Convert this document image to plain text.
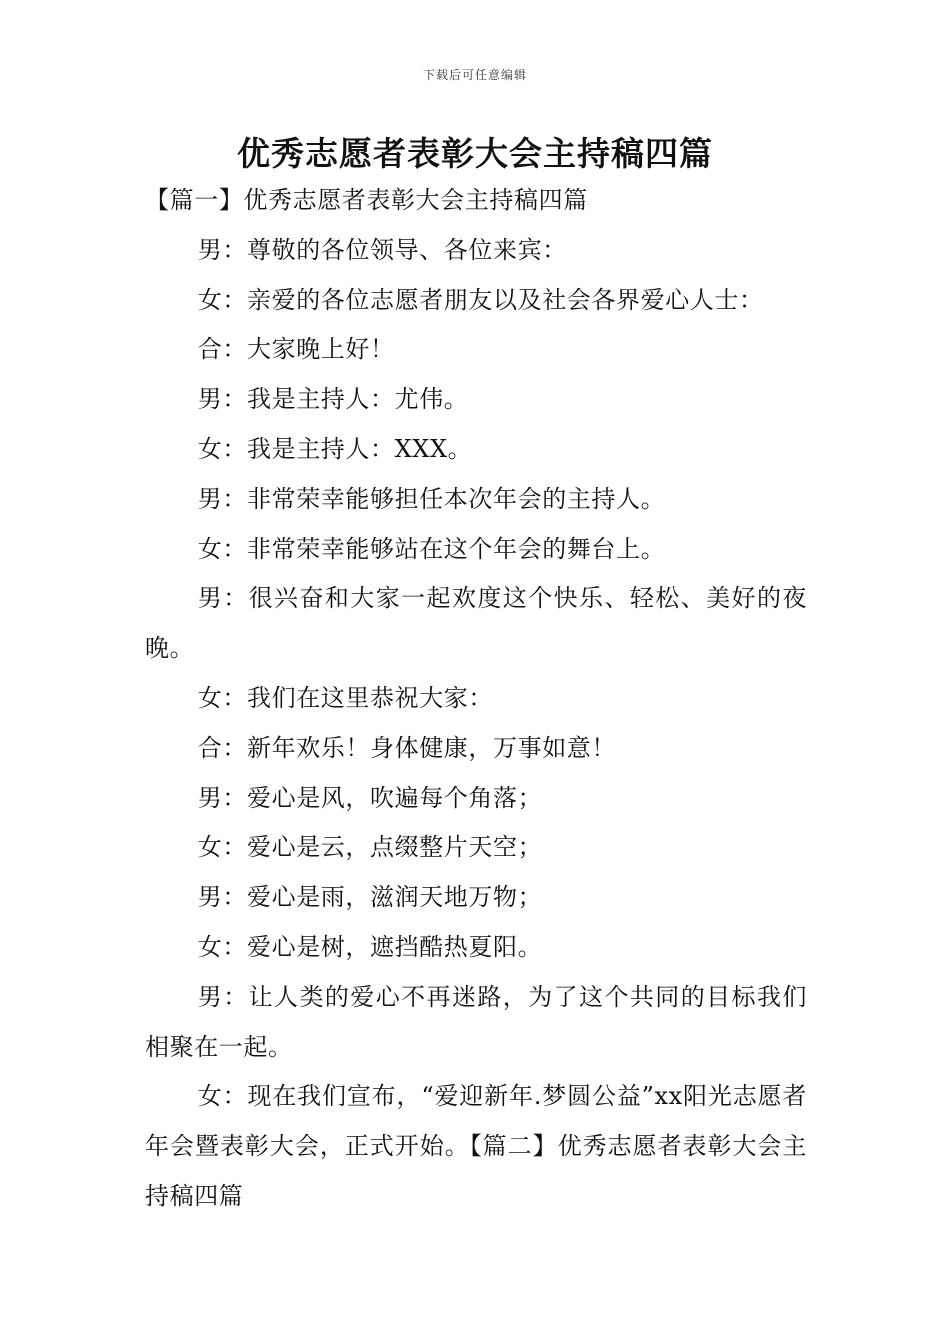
下载后可任意编辑
优秀志愿者表彰大会主持稿四篇

【篇一】优秀志愿者表彰大会主持稿四篇

男：尊敬的各位领导、各位来宾：

女：亲爱的各位志愿者朋友以及社会各界爱心人士：

合：大家晚上好！

男：我是主持人：尤伟。

女：我是主持人：XXX。

男：非常荣幸能够担任本次年会的主持人。

女：非常荣幸能够站在这个年会的舞台上。

男：很兴奋和大家一起欢度这个快乐、轻松、美好的夜晚。

女：我们在这里恭祝大家：

合：新年欢乐！身体健康，万事如意！

男：爱心是风，吹遍每个角落；

女：爱心是云，点缀整片天空；

男：爱心是雨，滋润天地万物；

女：爱心是树，遮挡酷热夏阳。

男：让人类的爱心不再迷路，为了这个共同的目标我们相聚在一起。

女：现在我们宣布，“爱迎新年.梦圆公益”xx阳光志愿者年会暨表彰大会，正式开始。【篇二】优秀志愿者表彰大会主持稿四篇
